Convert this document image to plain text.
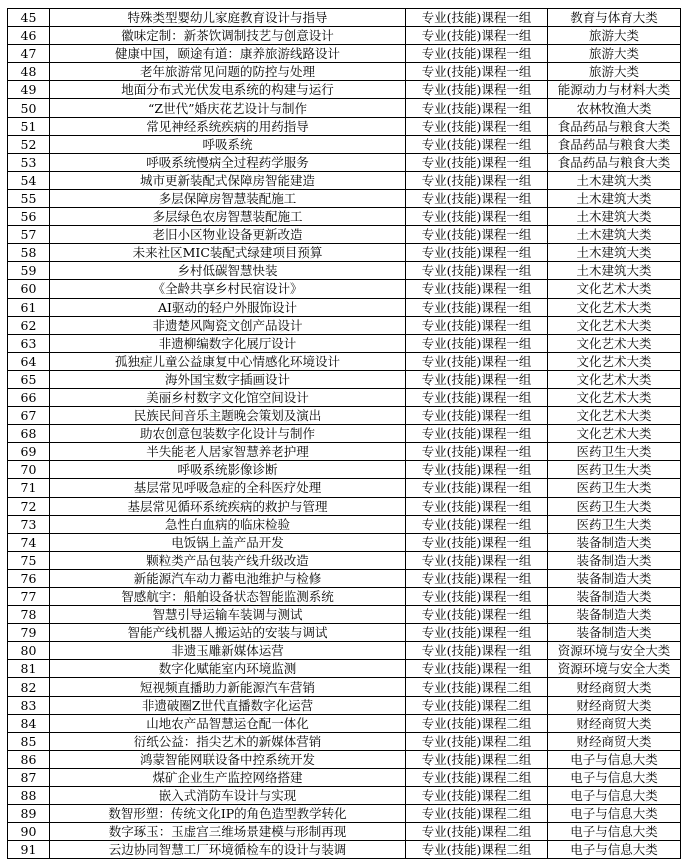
45	特殊类型婴幼儿家庭教育设计与指导	专业(技能)课程一组	教育与体育大类
46	徽味定制：新茶饮调制技艺与创意设计	专业(技能)课程一组	旅游大类
47	健康中国，颐途有道：康养旅游线路设计	专业(技能)课程一组	旅游大类
48	老年旅游常见问题的防控与处理	专业(技能)课程一组	旅游大类
49	地面分布式光伏发电系统的构建与运行	专业(技能)课程一组	能源动力与材料大类
50	“Z世代”婚庆花艺设计与制作	专业(技能)课程一组	农林牧渔大类
51	常见神经系统疾病的用药指导	专业(技能)课程一组	食品药品与粮食大类
52	呼吸系统	专业(技能)课程一组	食品药品与粮食大类
53	呼吸系统慢病全过程药学服务	专业(技能)课程一组	食品药品与粮食大类
54	城市更新装配式保障房智能建造	专业(技能)课程一组	土木建筑大类
55	多层保障房智慧装配施工	专业(技能)课程一组	土木建筑大类
56	多层绿色农房智慧装配施工	专业(技能)课程一组	土木建筑大类
57	老旧小区物业设备更新改造	专业(技能)课程一组	土木建筑大类
58	未来社区MIC装配式绿建项目预算	专业(技能)课程一组	土木建筑大类
59	乡村低碳智慧快装	专业(技能)课程一组	土木建筑大类
60	《全龄共享乡村民宿设计》	专业(技能)课程一组	文化艺术大类
61	AI驱动的轻户外服饰设计	专业(技能)课程一组	文化艺术大类
62	非遗楚风陶瓷文创产品设计	专业(技能)课程一组	文化艺术大类
63	非遗柳编数字化展厅设计	专业(技能)课程一组	文化艺术大类
64	孤独症儿童公益康复中心情感化环境设计	专业(技能)课程一组	文化艺术大类
65	海外国宝数字插画设计	专业(技能)课程一组	文化艺术大类
66	美丽乡村数字文化馆空间设计	专业(技能)课程一组	文化艺术大类
67	民族民间音乐主题晚会策划及演出	专业(技能)课程一组	文化艺术大类
68	助农创意包装数字化设计与制作	专业(技能)课程一组	文化艺术大类
69	半失能老人居家智慧养老护理	专业(技能)课程一组	医药卫生大类
70	呼吸系统影像诊断	专业(技能)课程一组	医药卫生大类
71	基层常见呼吸急症的全科医疗处理	专业(技能)课程一组	医药卫生大类
72	基层常见循环系统疾病的救护与管理	专业(技能)课程一组	医药卫生大类
73	急性白血病的临床检验	专业(技能)课程一组	医药卫生大类
74	电饭锅上盖产品开发	专业(技能)课程一组	装备制造大类
75	颗粒类产品包装产线升级改造	专业(技能)课程一组	装备制造大类
76	新能源汽车动力蓄电池维护与检修	专业(技能)课程一组	装备制造大类
77	智感航宇：船舶设备状态智能监测系统	专业(技能)课程一组	装备制造大类
78	智慧引导运输车装调与测试	专业(技能)课程一组	装备制造大类
79	智能产线机器人搬运站的安装与调试	专业(技能)课程一组	装备制造大类
80	非遗玉雕新媒体运营	专业(技能)课程一组	资源环境与安全大类
81	数字化赋能室内环境监测	专业(技能)课程一组	资源环境与安全大类
82	短视频直播助力新能源汽车营销	专业(技能)课程二组	财经商贸大类
83	非遗破圈Z世代直播数字化运营	专业(技能)课程二组	财经商贸大类
84	山地农产品智慧运仓配一体化	专业(技能)课程二组	财经商贸大类
85	衍纸公益：指尖艺术的新媒体营销	专业(技能)课程二组	财经商贸大类
86	鸿蒙智能网联设备中控系统开发	专业(技能)课程二组	电子与信息大类
87	煤矿企业生产监控网络搭建	专业(技能)课程二组	电子与信息大类
88	嵌入式消防车设计与实现	专业(技能)课程二组	电子与信息大类
89	数智形塑：传统文化IP的角色造型教学转化	专业(技能)课程二组	电子与信息大类
90	数字琢玉：玉虚宫三维场景建模与形制再现	专业(技能)课程二组	电子与信息大类
91	云边协同智慧工厂环境循检车的设计与装调	专业(技能)课程二组	电子与信息大类
